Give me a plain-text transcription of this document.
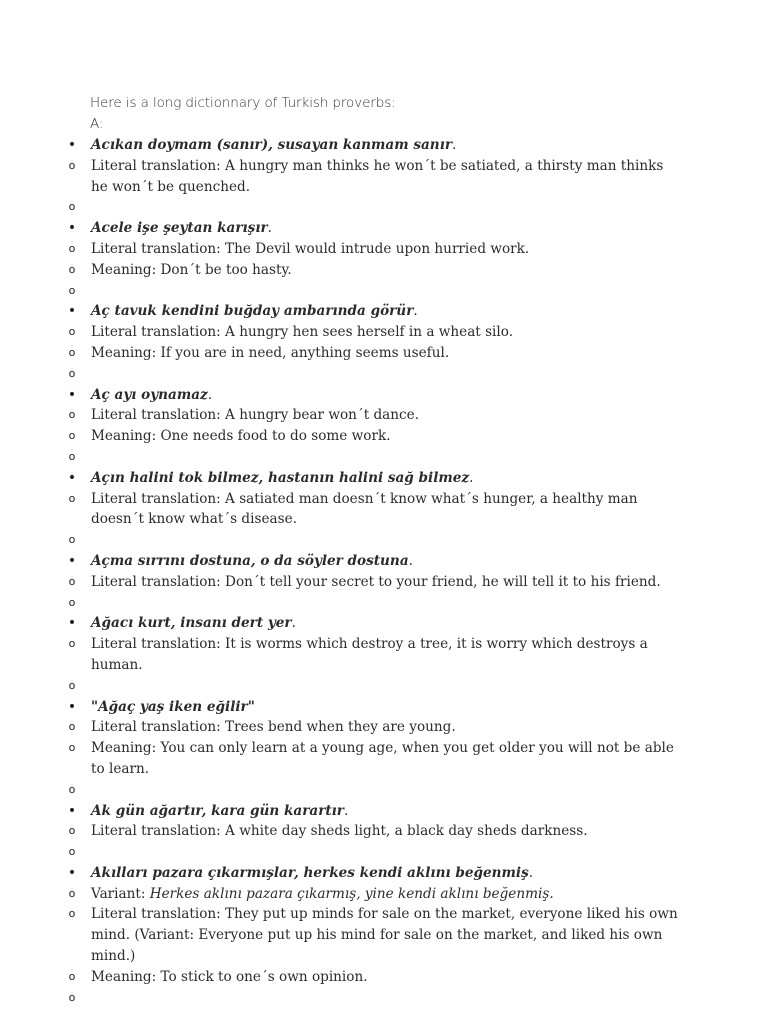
Here is a long dictionnary of Turkish proverbs:
A:
• Acıkan doymam (sanır), susayan kanmam sanır.
o Literal translation: A hungry man thinks he won´t be satiated, a thirsty man thinks he won´t be quenched.
o
• Acele işe şeytan karışır.
o Literal translation: The Devil would intrude upon hurried work.
o Meaning: Don´t be too hasty.
o
• Aç tavuk kendini buğday ambarında görür.
o Literal translation: A hungry hen sees herself in a wheat silo.
o Meaning: If you are in need, anything seems useful.
o
• Aç ayı oynamaz.
o Literal translation: A hungry bear won´t dance.
o Meaning: One needs food to do some work.
o
• Açın halini tok bilmez, hastanın halini sağ bilmez.
o Literal translation: A satiated man doesn´t know what´s hunger, a healthy man doesn´t know what´s disease.
o
• Açma sırrını dostuna, o da söyler dostuna.
o Literal translation: Don´t tell your secret to your friend, he will tell it to his friend.
o
• Ağacı kurt, insanı dert yer.
o Literal translation: It is worms which destroy a tree, it is worry which destroys a human.
o
• "Ağaç yaş iken eğilir"
o Literal translation: Trees bend when they are young.
o Meaning: You can only learn at a young age, when you get older you will not be able to learn.
o
• Ak gün ağartır, kara gün karartır.
o Literal translation: A white day sheds light, a black day sheds darkness.
o
• Akılları pazara çıkarmışlar, herkes kendi aklını beğenmiş.
o Variant: Herkes aklını pazara çıkarmış, yine kendi aklını beğenmiş.
o Literal translation: They put up minds for sale on the market, everyone liked his own mind. (Variant: Everyone put up his mind for sale on the market, and liked his own mind.)
o Meaning: To stick to one´s own opinion.
o
